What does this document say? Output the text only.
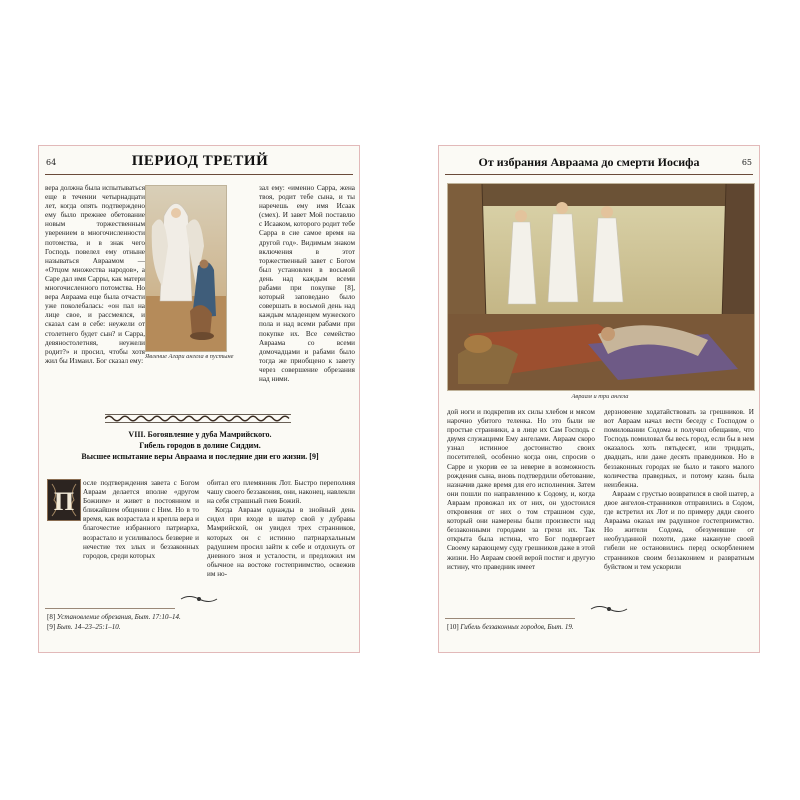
64	ПЕРИОД ТРЕТИЙ

вера должна была испытываться еще в течении четырнадцати лет, когда опять подтверждено ему было прежнее обетование новым торжественным уверением в многочисленности потомства, и в знак чего Господь повелел ему отныне называться Авраамом — «Отцом множества народов», а Саре дал имя Сарры, как матери многочисленного потомства. Но вера Авраама еще была отчасти уже поколебалась: «он пал на лице свое, и рассмеялся, и сказал сам в себе: неужели от столетнего будет сын? и Сарра, девяностолетняя, неужели родит?» и просил, чтобы хотя жил бы Измаил. Бог сказал ему:

Явление Агари ангела в пустыне

зал ему: «именно Сарра, жена твоя, родит тебе сына, и ты наречешь ему имя Исаак (смех). И завет Мой поставлю с Исааком, которого родит тебе Сарра в сие самое время на другой год». Видимым знаком включения в этот торжественный завет с Богом был установлен в восьмой день над каждым всеми рабами при покупке [8], который заповедано было совершать в восьмой день над каждым младенцем мужеского пола и над всеми рабами при покупке их. Все семейство Авраама со всеми домочадцами и рабами было тогда же приобщено к завету через совершение обрезания над ними.

VIII. Богоявление у дуба Мамрийского.
Гибель городов в долине Сиддим.
Высшее испытание веры Авраама и последние дни его жизни. [9]
П

осле подтверждения завета с Богом Авраам делается вполне «другом Божиим» и живет в постоянном и ближайшем общении с Ним. Но в то время, как возрастала и крепла вера и благочестие избранного патриарха, возрастало и усиливалось безверие и нечестие тех злых и беззаконных городов, среди которых

обитал его племянник Лот. Быстро переполняя чашу своего беззакония, они, наконец, навлекли на себя страшный гнев Божий.

Когда Авраам однажды в знойный день сидел при входе в шатер свой у дубравы Мамрийской, он увидел трех странников, которых он с истинно патриархальным радушием просил зайти к себе и отдохнуть от дневного зноя и усталости, и предложил им обычное на востоке гостеприимство, освежив им но-

[8] Установление обрезания, Быт. 17:10–14.
[9] Быт. 14–23–25:1–10.
От избрания Авраама до смерти Иосифа	65
Авраам и три ангела

дой ноги и подкрепив их силы хлебом и мясом нарочно убитого теленка. Но это были не простые странники, а в лице их Сам Господь с двумя служащими Ему ангелами. Авраам скоро узнал истинное достоинство своих посетителей, особенно когда они, спросив о Сарре и укорив ее за неверие в возможность рождения сына, вновь подтвердили обетование, назначив даже время для его исполнения. Затем они пошли по направлению к Содому, и, когда Авраам провожал их от них, он удостоился откровения от них о том страшном суде, который они намерены были произвести над беззаконными городами за грехи их. Так открыта была истина, что Бог подвергает Своему карающему суду грешников даже в этой жизни. Но Авраам своей верой постиг и другую истину, что праведник имеет

дерзновение ходатайствовать за грешников. И вот Авраам начал вести беседу с Господом о помиловании Содома и получил обещание, что Господь помиловал бы весь город, если бы в нем оказалось хоть пятьдесят, или тридцать, двадцать, или даже десять праведников. Но в беззаконных городах не было и такого малого количества праведных, и потому казнь была неизбежна.

Авраам с грустью возвратился в свой шатер, а двое ангелов-странников отправились в Содом, где встретил их Лот и по примеру дяди своего Авраама оказал им радушное гостеприимство. Но жители Содома, обезумевшие от необузданной похоти, даже накануне своей гибели не остановились перед оскорблением странников своим беззаконием и развратным буйством и тем ускорили

[10] Гибель беззаконных городов, Быт. 19.
